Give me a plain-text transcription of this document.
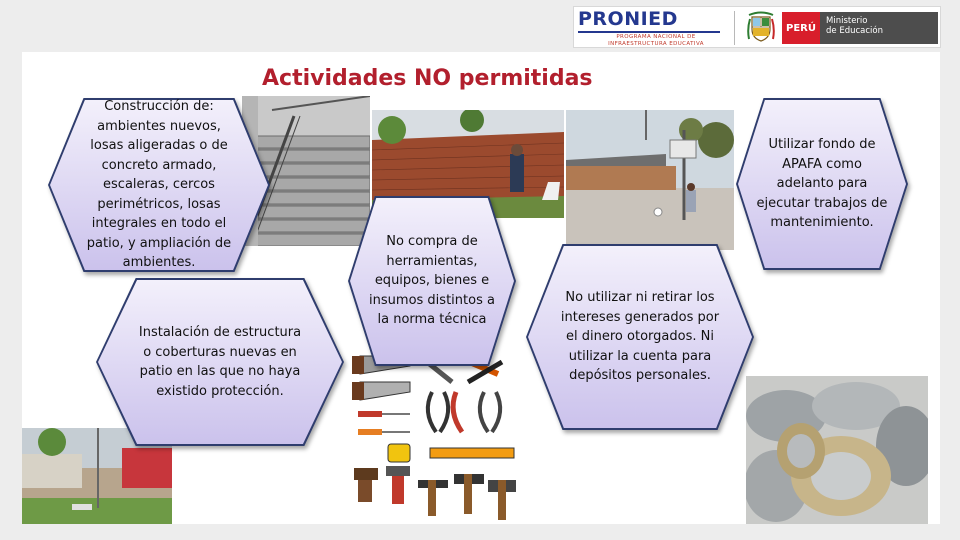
PRONIED
PROGRAMA NACIONAL DE INFRAESTRUCTURA EDUCATIVA
PERÚ
Ministerio
de Educación
Actividades NO permitidas
Construcción de: ambientes nuevos, losas aligeradas o de concreto armado, escaleras, cercos perimétricos, losas integrales en todo el patio, y ampliación de ambientes.
Instalación de estructura o coberturas nuevas en patio en las que no haya existido protección.
No compra de herramientas, equipos, bienes e insumos distintos a la norma técnica
No utilizar ni retirar los intereses generados por el dinero otorgados. Ni utilizar la cuenta para depósitos personales.
Utilizar fondo de APAFA como adelanto para ejecutar trabajos de mantenimiento.
